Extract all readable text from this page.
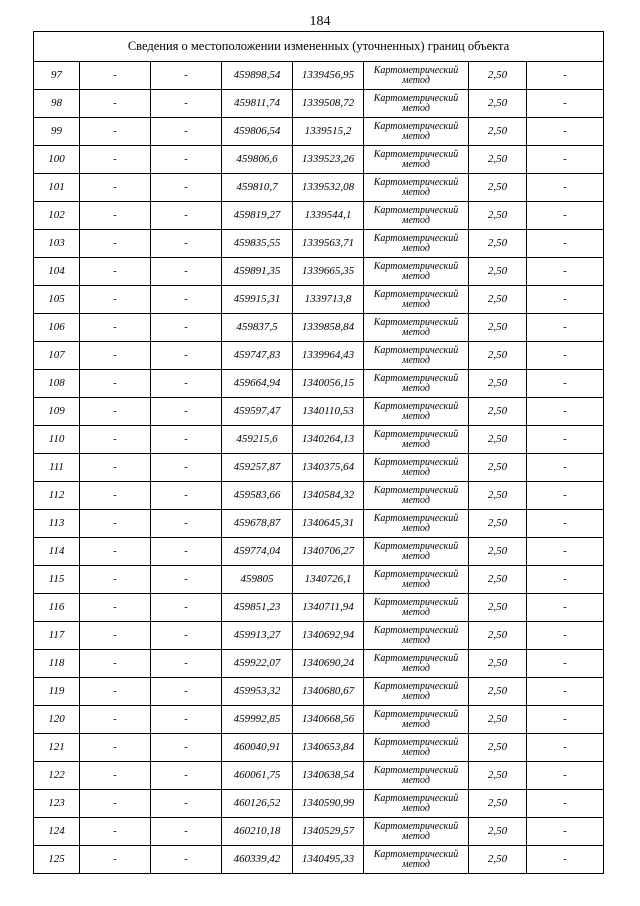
184
Сведения о местоположении измененных (уточненных) границ объекта							
97	-	-	459898,54	1339456,95	Картометрический метод	2,50	-
98	-	-	459811,74	1339508,72	Картометрический метод	2,50	-
99	-	-	459806,54	1339515,2	Картометрический метод	2,50	-
100	-	-	459806,6	1339523,26	Картометрический метод	2,50	-
101	-	-	459810,7	1339532,08	Картометрический метод	2,50	-
102	-	-	459819,27	1339544,1	Картометрический метод	2,50	-
103	-	-	459835,55	1339563,71	Картометрический метод	2,50	-
104	-	-	459891,35	1339665,35	Картометрический метод	2,50	-
105	-	-	459915,31	1339713,8	Картометрический метод	2,50	-
106	-	-	459837,5	1339858,84	Картометрический метод	2,50	-
107	-	-	459747,83	1339964,43	Картометрический метод	2,50	-
108	-	-	459664,94	1340056,15	Картометрический метод	2,50	-
109	-	-	459597,47	1340110,53	Картометрический метод	2,50	-
110	-	-	459215,6	1340264,13	Картометрический метод	2,50	-
111	-	-	459257,87	1340375,64	Картометрический метод	2,50	-
112	-	-	459583,66	1340584,32	Картометрический метод	2,50	-
113	-	-	459678,87	1340645,31	Картометрический метод	2,50	-
114	-	-	459774,04	1340706,27	Картометрический метод	2,50	-
115	-	-	459805	1340726,1	Картометрический метод	2,50	-
116	-	-	459851,23	1340711,94	Картометрический метод	2,50	-
117	-	-	459913,27	1340692,94	Картометрический метод	2,50	-
118	-	-	459922,07	1340690,24	Картометрический метод	2,50	-
119	-	-	459953,32	1340680,67	Картометрический метод	2,50	-
120	-	-	459992,85	1340668,56	Картометрический метод	2,50	-
121	-	-	460040,91	1340653,84	Картометрический метод	2,50	-
122	-	-	460061,75	1340638,54	Картометрический метод	2,50	-
123	-	-	460126,52	1340590,99	Картометрический метод	2,50	-
124	-	-	460210,18	1340529,57	Картометрический метод	2,50	-
125	-	-	460339,42	1340495,33	Картометрический метод	2,50	-
